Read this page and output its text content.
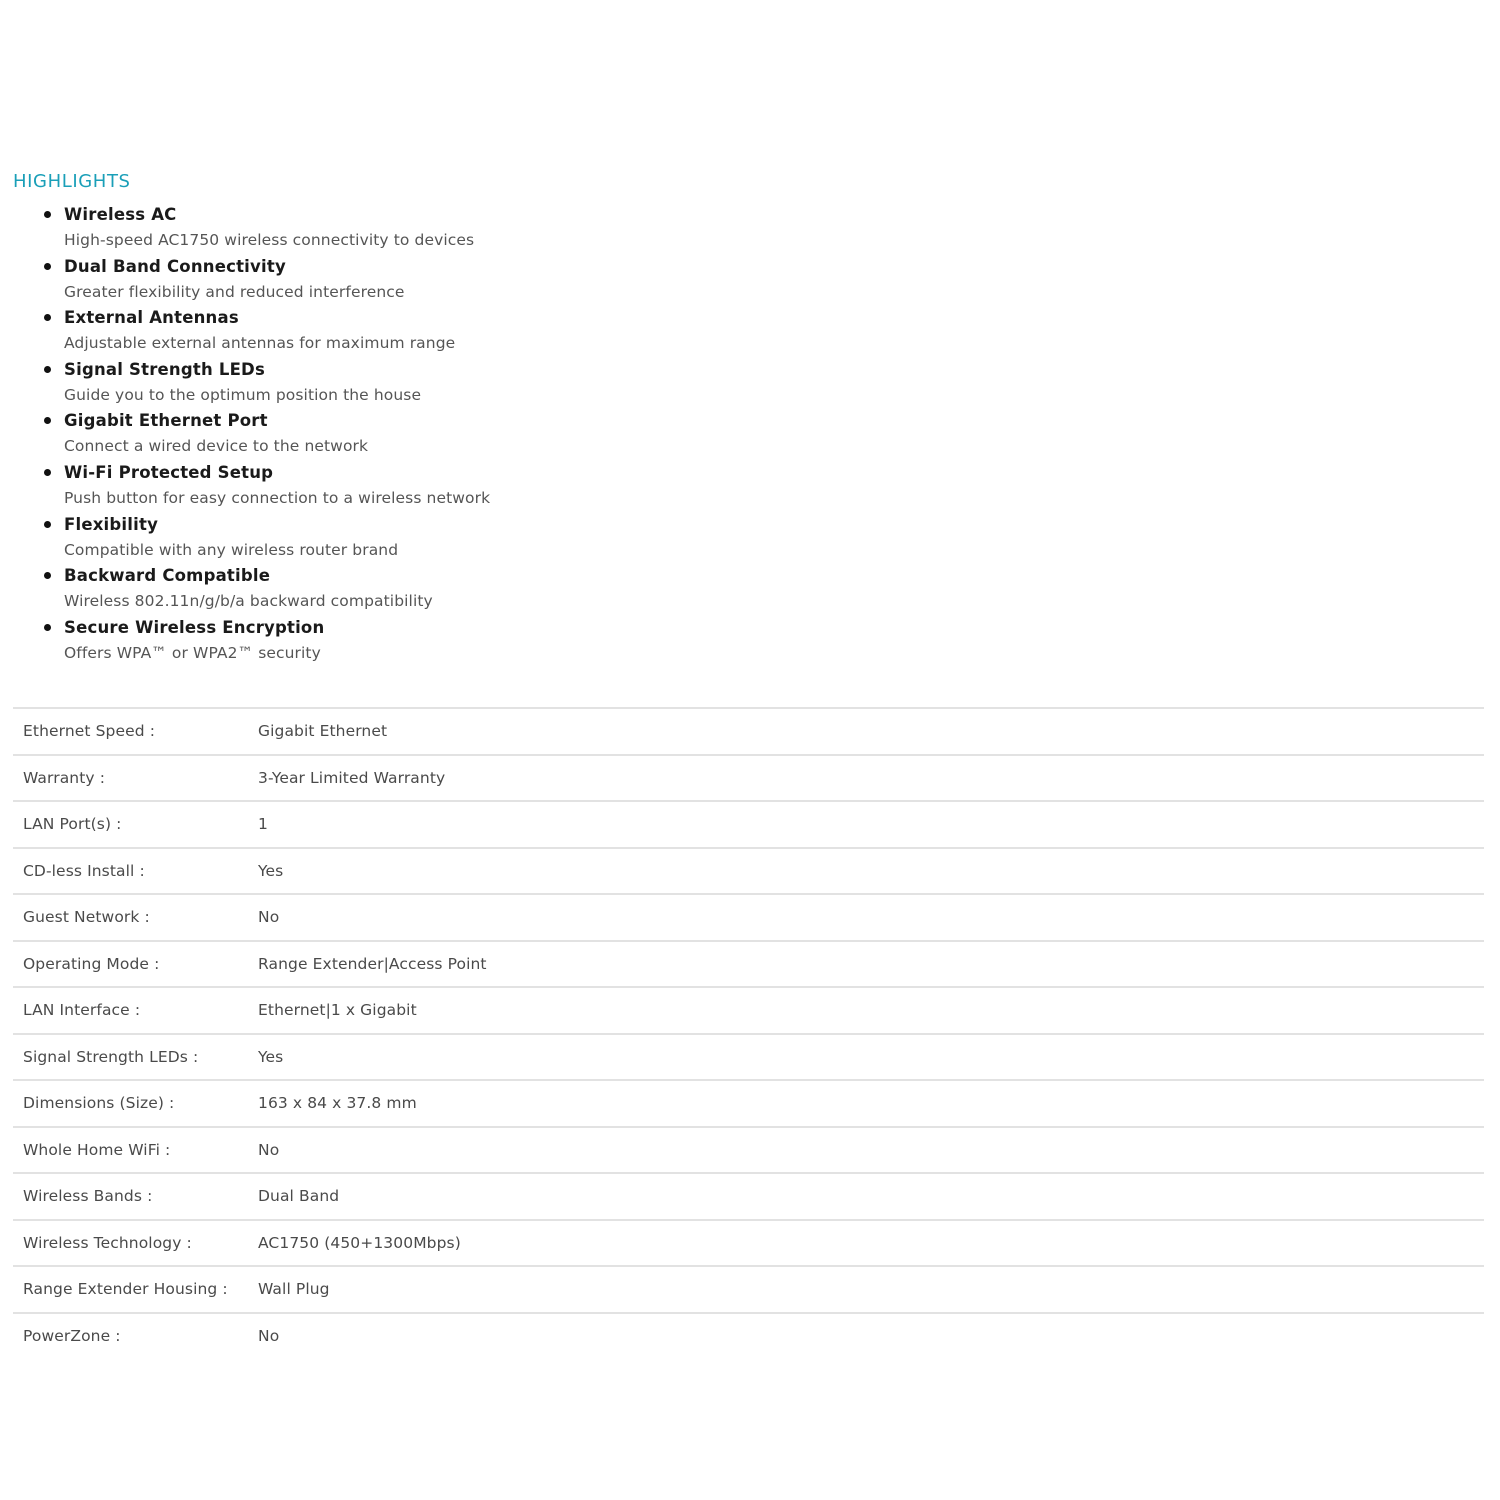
HIGHLIGHTS
Wireless AC
High-speed AC1750 wireless connectivity to devices
Dual Band Connectivity
Greater flexibility and reduced interference
External Antennas
Adjustable external antennas for maximum range
Signal Strength LEDs
Guide you to the optimum position the house
Gigabit Ethernet Port
Connect a wired device to the network
Wi-Fi Protected Setup
Push button for easy connection to a wireless network
Flexibility
Compatible with any wireless router brand
Backward Compatible
Wireless 802.11n/g/b/a backward compatibility
Secure Wireless Encryption
Offers WPA™ or WPA2™ security
Ethernet Speed :	Gigabit Ethernet
Warranty :	3-Year Limited Warranty
LAN Port(s) :	1
CD-less Install :	Yes
Guest Network :	No
Operating Mode :	Range Extender|Access Point
LAN Interface :	Ethernet|1 x Gigabit
Signal Strength LEDs :	Yes
Dimensions (Size) :	163 x 84 x 37.8 mm
Whole Home WiFi :	No
Wireless Bands :	Dual Band
Wireless Technology :	AC1750 (450+1300Mbps)
Range Extender Housing :	Wall Plug
PowerZone :	No
